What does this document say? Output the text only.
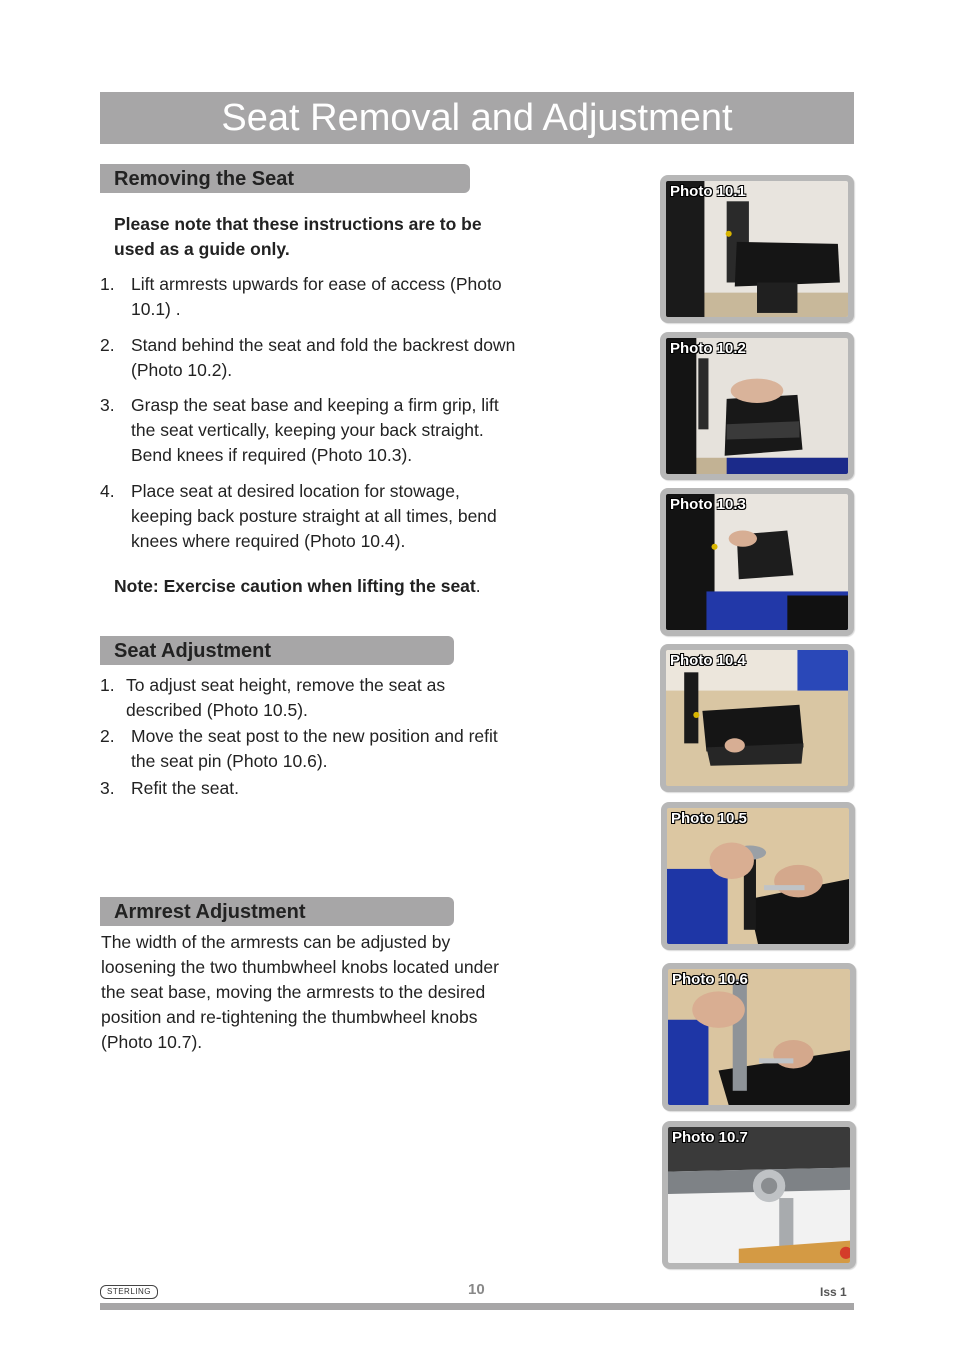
Seat Removal and Adjustment
Removing the Seat
Please note that these instructions are to be
used as a guide only.
1. Lift armrests upwards for ease of access (Photo
10.1) .
2. Stand behind the seat and fold the backrest down
(Photo 10.2).
3. Grasp the seat base and keeping a firm grip, lift
the seat vertically, keeping your back straight.
Bend knees if required (Photo 10.3).
4. Place seat at desired location for stowage,
keeping back posture straight at all times, bend
knees where required (Photo 10.4).
Note: Exercise caution when lifting the seat.
Seat Adjustment
1. To adjust seat height, remove the seat as
described (Photo 10.5).
2. Move the seat post to the new position and refit
the seat pin (Photo 10.6).
3. Refit the seat.
Armrest Adjustment
The width of the armrests can be adjusted by
loosening the two thumbwheel knobs located under
the seat base, moving the armrests to the desired
position and re-tightening the thumbwheel knobs
(Photo 10.7).
Photo 10.1
Photo 10.2
Photo 10.3
Photo 10.4
Photo 10.5
Photo 10.6
Photo 10.7
STERLING	10	Iss 1
